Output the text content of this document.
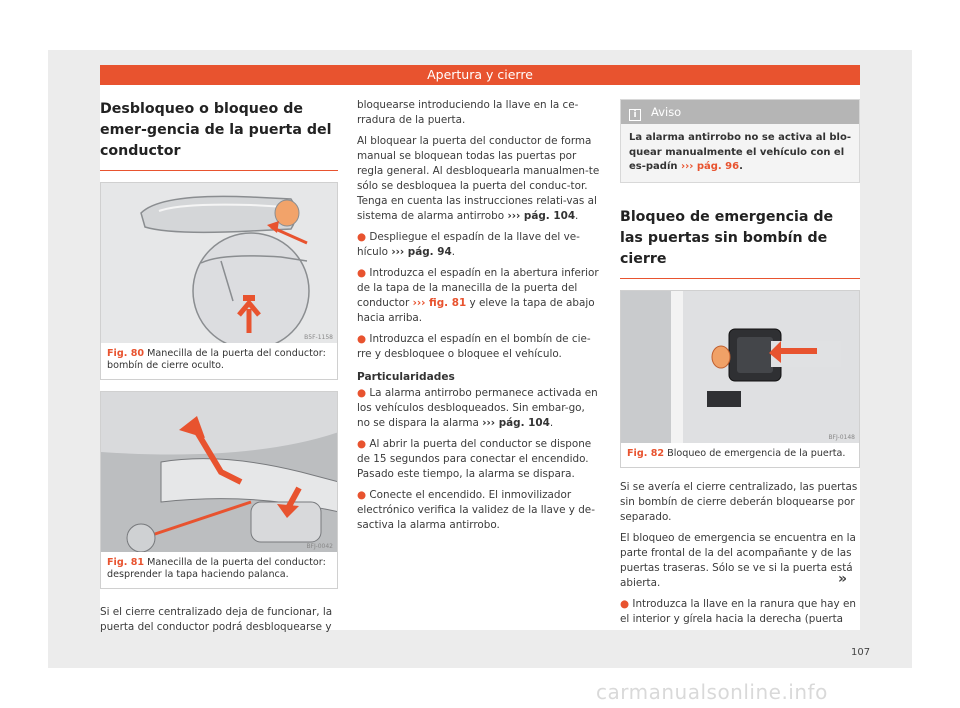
Apertura y cierre
Desbloqueo o bloqueo de emer-gencia de la puerta del conductor
B5F-1158
Fig. 80 Manecilla de la puerta del conductor: bombín de cierre oculto.
BFJ-0042
Fig. 81 Manecilla de la puerta del conductor: desprender la tapa haciendo palanca.

Si el cierre centralizado deja de funcionar, la puerta del conductor podrá desbloquearse y

bloquearse introduciendo la llave en la ce-rradura de la puerta.

Al bloquear la puerta del conductor de forma manual se bloquean todas las puertas por regla general. Al desbloquearla manualmen-te sólo se desbloquea la puerta del conduc-tor. Tenga en cuenta las instrucciones relati-vas al sistema de alarma antirrobo ››› pág. 104.

● Despliegue el espadín de la llave del ve-hículo ››› pág. 94.

● Introduzca el espadín en la abertura inferior de la tapa de la manecilla de la puerta del conductor ››› fig. 81 y eleve la tapa de abajo hacia arriba.

● Introduzca el espadín en el bombín de cie-rre y desbloquee o bloquee el vehículo.

Particularidades

● La alarma antirrobo permanece activada en los vehículos desbloqueados. Sin embar-go, no se dispara la alarma ››› pág. 104.

● Al abrir la puerta del conductor se dispone de 15 segundos para conectar el encendido. Pasado este tiempo, la alarma se dispara.

● Conecte el encendido. El inmovilizador electrónico verifica la validez de la llave y de-sactiva la alarma antirrobo.

i Aviso
La alarma antirrobo no se activa al blo-quear manualmente el vehículo con el es-padín ››› pág. 96.
Bloqueo de emergencia de las puertas sin bombín de cierre
BFJ-0148
Fig. 82 Bloqueo de emergencia de la puerta.

Si se avería el cierre centralizado, las puertas sin bombín de cierre deberán bloquearse por separado.

El bloqueo de emergencia se encuentra en la parte frontal de la del acompañante y de las puertas traseras. Sólo se ve si la puerta está abierta.

● Introduzca la llave en la ranura que hay en el interior y gírela hacia la derecha (puerta

»
107
carmanualsonline.info
